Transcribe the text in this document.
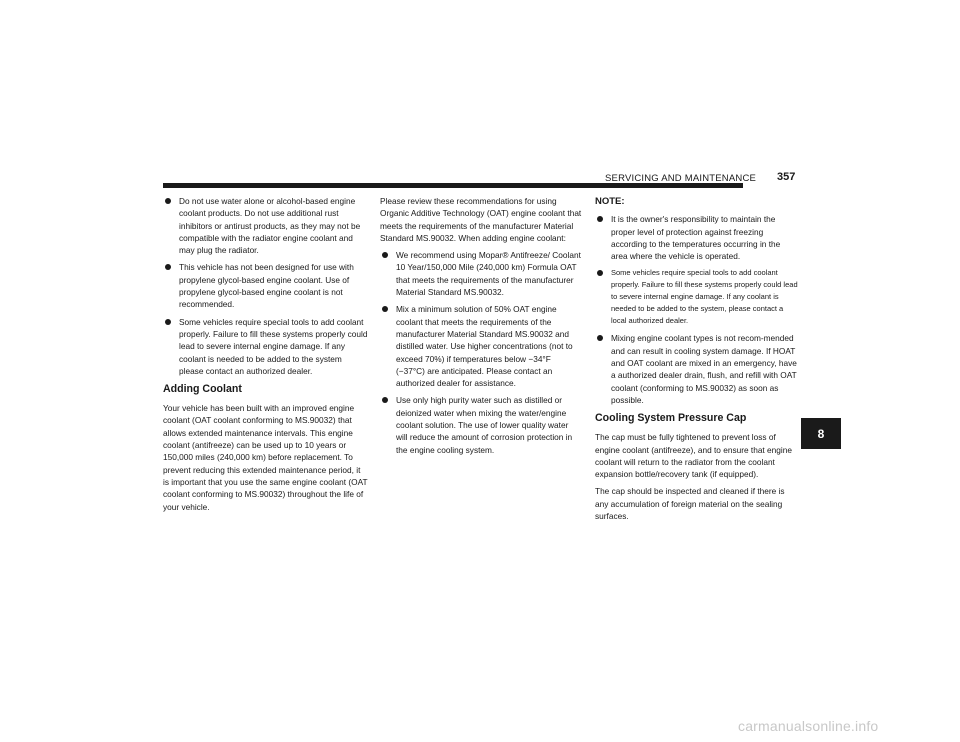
SERVICING AND MAINTENANCE 357
Do not use water alone or alcohol-based engine coolant products. Do not use additional rust inhibitors or antirust products, as they may not be compatible with the radiator engine coolant and may plug the radiator.
This vehicle has not been designed for use with propylene glycol-based engine coolant. Use of propylene glycol-based engine coolant is not recommended.
Some vehicles require special tools to add coolant properly. Failure to fill these systems properly could lead to severe internal engine damage. If any coolant is needed to be added to the system please contact an authorized dealer.
Adding Coolant

Your vehicle has been built with an improved engine coolant (OAT coolant conforming to MS.90032) that allows extended maintenance intervals. This engine coolant (antifreeze) can be used up to 10 years or 150,000 miles (240,000 km) before replacement. To prevent reducing this extended maintenance period, it is important that you use the same engine coolant (OAT coolant conforming to MS.90032) throughout the life of your vehicle.

Please review these recommendations for using Organic Additive Technology (OAT) engine coolant that meets the requirements of the manufacturer Material Standard MS.90032. When adding engine coolant:

We recommend using Mopar® Antifreeze/ Coolant 10 Year/150,000 Mile (240,000 km) Formula OAT that meets the requirements of the manufacturer Material Standard MS.90032.
Mix a minimum solution of 50% OAT engine coolant that meets the requirements of the manufacturer Material Standard MS.90032 and distilled water. Use higher concentrations (not to exceed 70%) if temperatures below −34°F (−37°C) are anticipated. Please contact an authorized dealer for assistance.
Use only high purity water such as distilled or deionized water when mixing the water/engine coolant solution. The use of lower quality water will reduce the amount of corrosion protection in the engine cooling system.
NOTE:
It is the owner's responsibility to maintain the proper level of protection against freezing according to the temperatures occurring in the area where the vehicle is operated.
Some vehicles require special tools to add coolant properly. Failure to fill these systems properly could lead to severe internal engine damage. If any coolant is needed to be added to the system, please contact a local authorized dealer.
Mixing engine coolant types is not recom-mended and can result in cooling system damage. If HOAT and OAT coolant are mixed in an emergency, have a authorized dealer drain, flush, and refill with OAT coolant (conforming to MS.90032) as soon as possible.
Cooling System Pressure Cap

The cap must be fully tightened to prevent loss of engine coolant (antifreeze), and to ensure that engine coolant will return to the radiator from the coolant expansion bottle/recovery tank (if equipped).

The cap should be inspected and cleaned if there is any accumulation of foreign material on the sealing surfaces.

8
carmanualsonline.info
